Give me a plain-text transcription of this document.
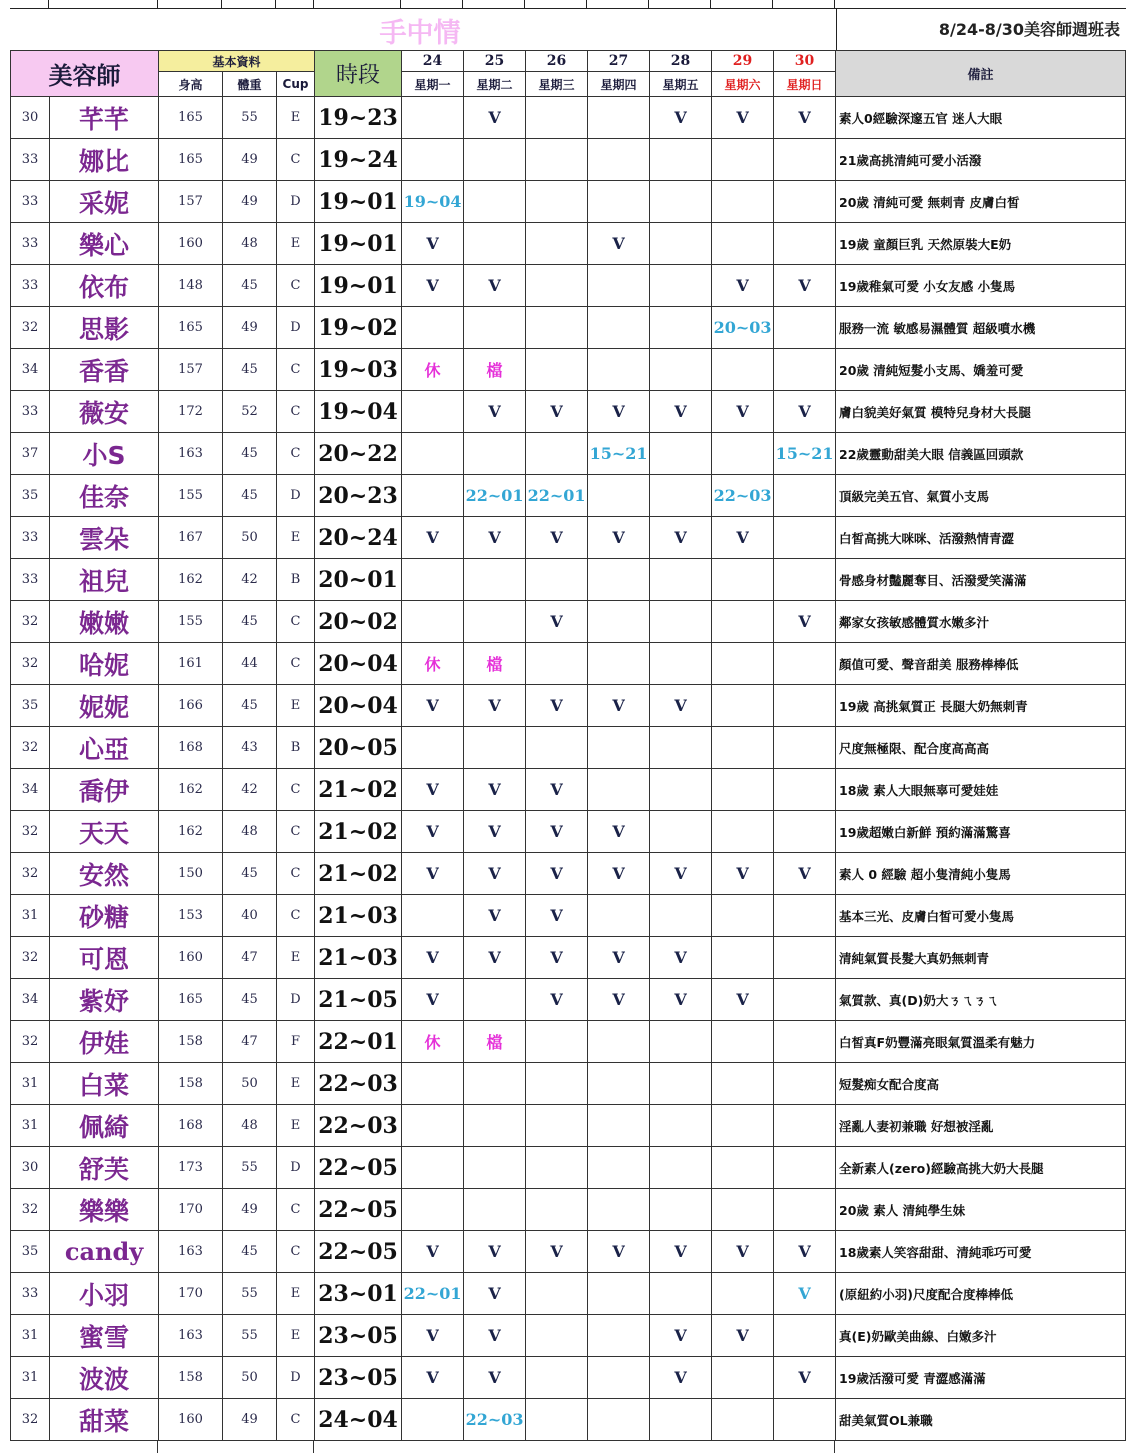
手中情	8/24-8/30美容師週班表
美容師		基本資料			時段	24	25	26	27	28	29	30	備註
		身高	體重	Cup		星期一	星期二	星期三	星期四	星期五	星期六	星期日	
30	芊芊	165	55	E	19~23		V			V	V	V	素人0經驗深邃五官 迷人大眼
33	娜比	165	49	C	19~24								21歲高挑清純可愛小活潑
33	采妮	157	49	D	19~01	19~04							20歲 清純可愛 無刺青 皮膚白皙
33	樂心	160	48	E	19~01	V			V				19歲 童顏巨乳 天然原裝大E奶
33	依布	148	45	C	19~01	V	V				V	V	19歲稚氣可愛 小女友感 小隻馬
32	思影	165	49	D	19~02						20~03		服務一流 敏感易濕體質 超級噴水機
34	香香	157	45	C	19~03	休	檔						20歲 清純短髮小支馬、嬌羞可愛
33	薇安	172	52	C	19~04		V	V	V	V	V	V	膚白貌美好氣質 模特兒身材大長腿
37	小S	163	45	C	20~22				15~21			15~21	22歲靈動甜美大眼 信義區回頭款
35	佳奈	155	45	D	20~23		22~01	22~01			22~03		頂級完美五官、氣質小支馬
33	雲朵	167	50	E	20~24	V	V	V	V	V	V		白皙高挑大咪咪、活潑熱情青澀
33	祖兒	162	42	B	20~01								骨感身材豔麗奪目、活潑愛笑滿滿
32	嫩嫩	155	45	C	20~02			V				V	鄰家女孩敏感體質水嫩多汁
32	哈妮	161	44	C	20~04	休	檔						顏值可愛、聲音甜美 服務棒棒低
35	妮妮	166	45	E	20~04	V	V	V	V	V			19歲 高挑氣質正 長腿大奶無刺青
32	心亞	168	43	B	20~05								尺度無極限、配合度高高高
34	喬伊	162	42	C	21~02	V	V	V					18歲 素人大眼無辜可愛娃娃
32	天天	162	48	C	21~02	V	V	V	V				19歲超嫩白新鮮 預約滿滿驚喜
32	安然	150	45	C	21~02	V	V	V	V	V	V	V	素人 0 經驗 超小隻清純小隻馬
31	砂糖	153	40	C	21~03		V	V					基本三光、皮膚白皙可愛小隻馬
32	可恩	160	47	E	21~03	V	V	V	V	V			清純氣質長髮大真奶無刺青
34	紫妤	165	45	D	21~05	V		V	V	V	V		氣質款、真(D)奶大ㄋㄟㄋㄟ
32	伊娃	158	47	F	22~01	休	檔						白皙真F奶豐滿亮眼氣質溫柔有魅力
31	白菜	158	50	E	22~03								短髮痴女配合度高
31	佩綺	168	48	E	22~03								淫亂人妻初兼職 好想被淫亂
30	舒芙	173	55	D	22~05								全新素人(zero)經驗高挑大奶大長腿
32	樂樂	170	49	C	22~05								20歲 素人 清純學生妹
35	candy	163	45	C	22~05	V	V	V	V	V	V	V	18歲素人笑容甜甜、清純乖巧可愛
33	小羽	170	55	E	23~01	22~01	V					V	(原紐約小羽)尺度配合度棒棒低
31	蜜雪	163	55	E	23~05	V	V			V	V		真(E)奶歐美曲線、白嫩多汁
31	波波	158	50	D	23~05	V	V			V		V	19歲活潑可愛 青澀感滿滿
32	甜菜	160	49	C	24~04		22~03						甜美氣質OL兼職
